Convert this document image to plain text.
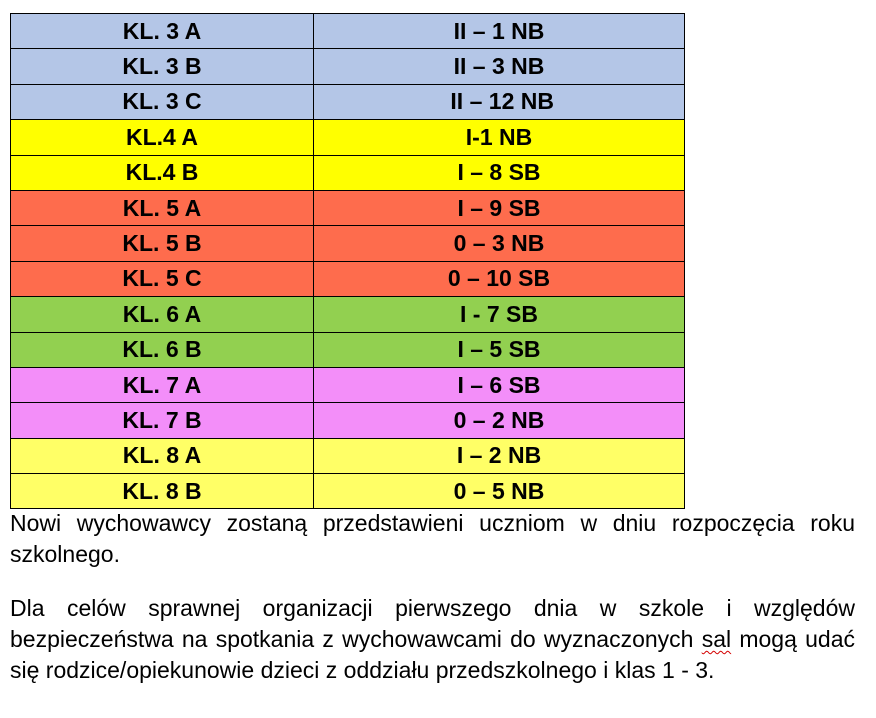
KL. 3 A	II – 1 NB
KL. 3 B	II – 3 NB
KL. 3 C	II – 12 NB
KL.4 A	I-1 NB
KL.4 B	I – 8 SB
KL. 5 A	I – 9 SB
KL. 5 B	0 – 3 NB
KL. 5 C	0 – 10 SB
KL. 6 A	I - 7 SB
KL. 6 B	I – 5 SB
KL. 7 A	I – 6 SB
KL. 7 B	0 – 2 NB
KL. 8 A	I – 2 NB
KL. 8 B	0 – 5 NB

Nowi wychowawcy zostaną przedstawieni uczniom w dniu rozpoczęcia roku szkolnego.

Dla celów sprawnej organizacji pierwszego dnia w szkole i względów bezpieczeństwa na spotkania z wychowawcami do wyznaczonych sal mogą udać się rodzice/opiekunowie dzieci z oddziału przedszkolnego i klas 1 - 3.
